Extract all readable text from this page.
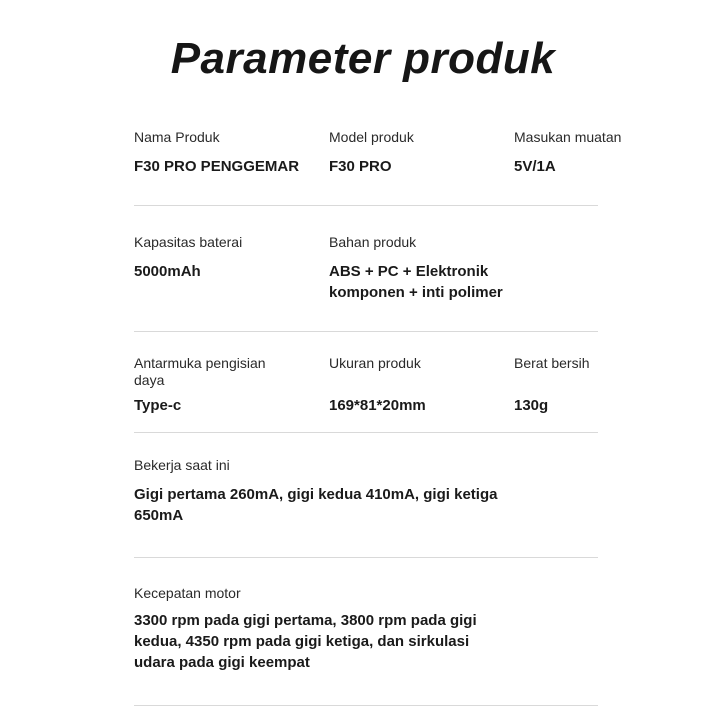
Parameter produk
Nama Produk
F30 PRO PENGGEMAR
Model produk
F30 PRO
Masukan muatan
5V/1A
Kapasitas baterai
5000mAh
Bahan produk
ABS + PC + Elektronik komponen + inti polimer
Antarmuka pengisian daya
Type-c
Ukuran produk
169*81*20mm
Berat bersih
130g
Bekerja saat ini
Gigi pertama 260mA, gigi kedua 410mA, gigi ketiga 650mA
Kecepatan motor
3300 rpm pada gigi pertama, 3800 rpm pada gigi kedua, 4350 rpm pada gigi ketiga, dan sirkulasi udara pada gigi keempat
